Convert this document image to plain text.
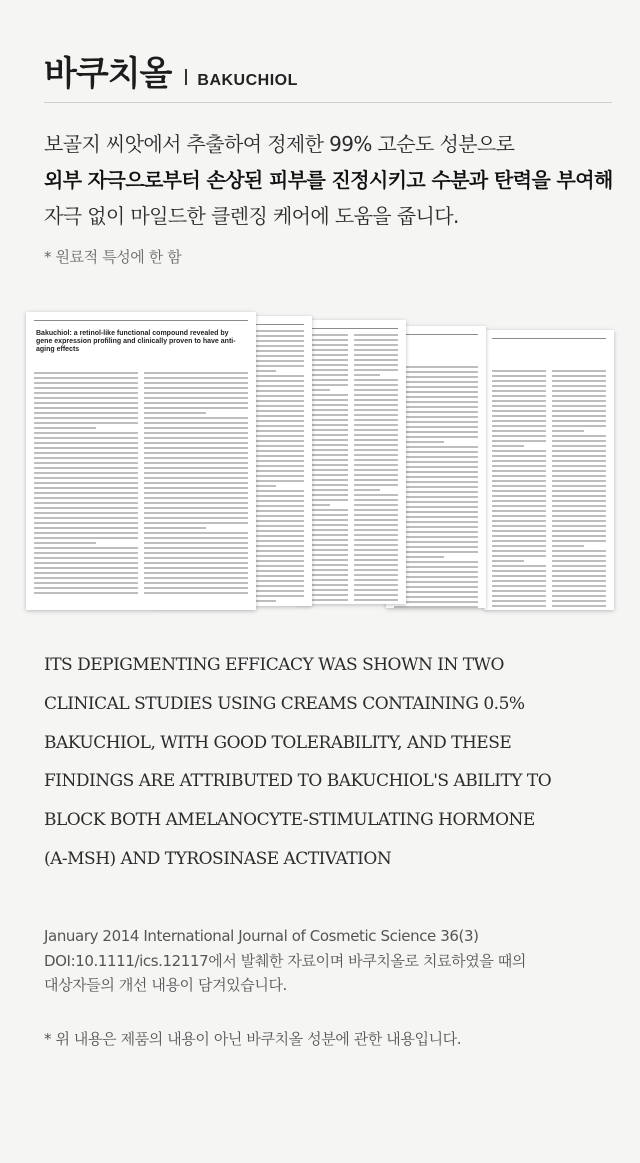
바쿠치올 BAKUCHIOL

보골지 씨앗에서 추출하여 정제한 99% 고순도 성분으로

외부 자극으로부터 손상된 피부를 진정시키고 수분과 탄력을 부여해

자극 없이 마일드한 클렌징 케어에 도움을 줍니다.

* 원료적 특성에 한 함
Bakuchiol: a retinol-like functional compound revealed by gene expression profiling and clinically proven to have anti-aging effects

ITS DEPIGMENTING EFFICACY WAS SHOWN IN TWO

CLINICAL STUDIES USING CREAMS CONTAINING 0.5%

BAKUCHIOL, WITH GOOD TOLERABILITY, AND THESE

FINDINGS ARE ATTRIBUTED TO BAKUCHIOL'S ABILITY TO

BLOCK BOTH AMELANOCYTE-STIMULATING HORMONE

(A-MSH) AND TYROSINASE ACTIVATION

January 2014 International Journal of Cosmetic Science 36(3)

DOI:10.1111/ics.12117에서 발췌한 자료이며 바쿠치올로 치료하였을 때의

대상자들의 개선 내용이 담겨있습니다.

* 위 내용은 제품의 내용이 아닌 바쿠치올 성분에 관한 내용입니다.
